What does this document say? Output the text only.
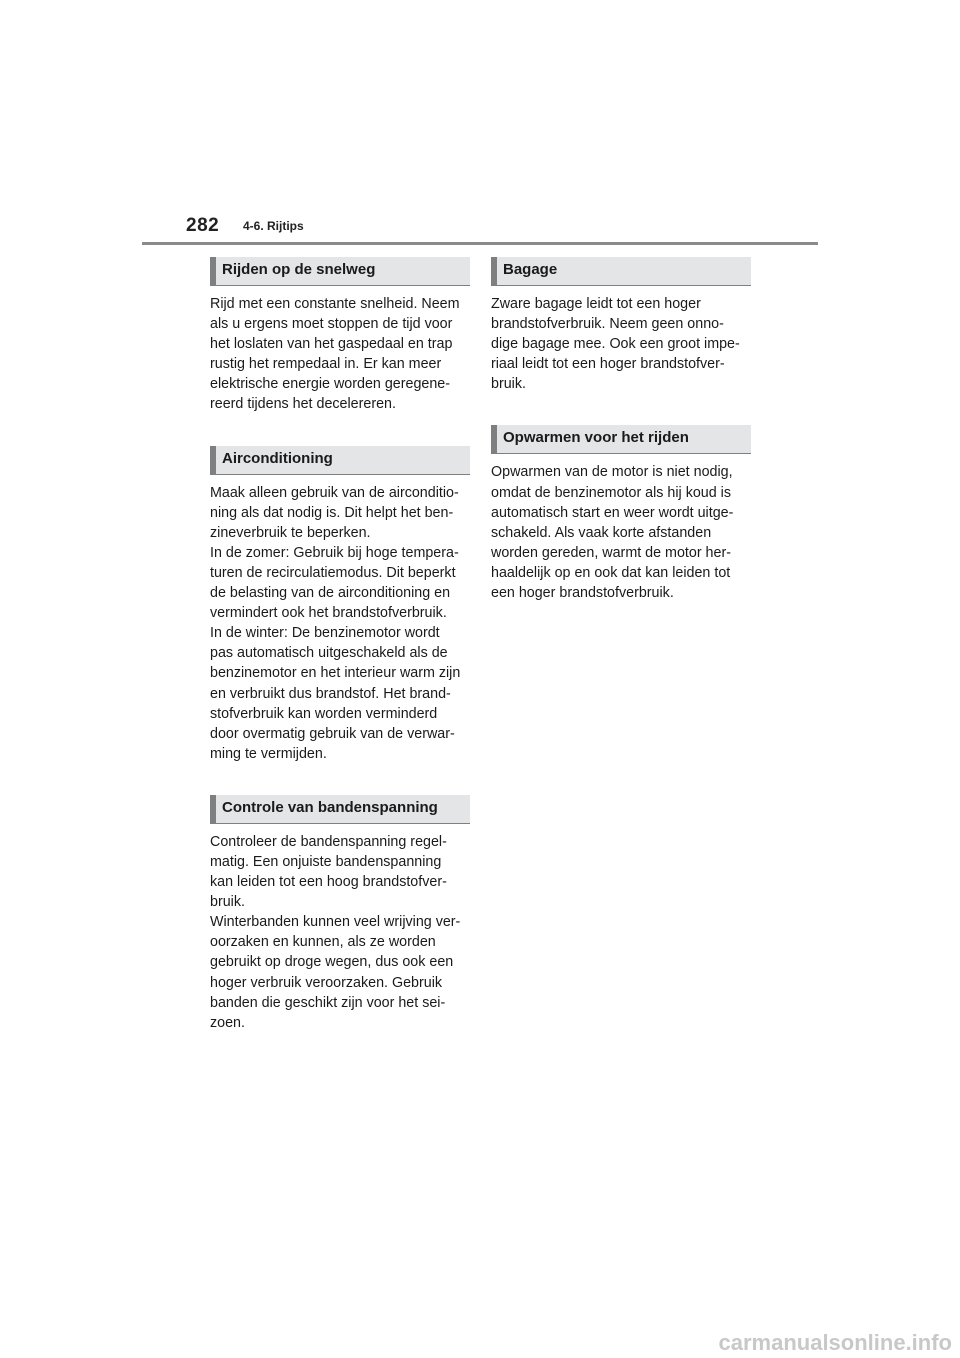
282 4-6. Rijtips
Rijden op de snelweg

Rijd met een constante snelheid. Neem

als u ergens moet stoppen de tijd voor

het loslaten van het gaspedaal en trap

rustig het rempedaal in. Er kan meer

elektrische energie worden geregene-

reerd tijdens het decelereren.

Airconditioning

Maak alleen gebruik van de airconditio-

ning als dat nodig is. Dit helpt het ben-

zineverbruik te beperken.

In de zomer: Gebruik bij hoge tempera-

turen de recirculatiemodus. Dit beperkt

de belasting van de airconditioning en

vermindert ook het brandstofverbruik.

In de winter: De benzinemotor wordt

pas automatisch uitgeschakeld als de

benzinemotor en het interieur warm zijn

en verbruikt dus brandstof. Het brand-

stofverbruik kan worden verminderd

door overmatig gebruik van de verwar-

ming te vermijden.

Controle van bandenspanning

Controleer de bandenspanning regel-

matig. Een onjuiste bandenspanning

kan leiden tot een hoog brandstofver-

bruik.

Winterbanden kunnen veel wrijving ver-

oorzaken en kunnen, als ze worden

gebruikt op droge wegen, dus ook een

hoger verbruik veroorzaken. Gebruik

banden die geschikt zijn voor het sei-

zoen.

Bagage

Zware bagage leidt tot een hoger

brandstofverbruik. Neem geen onno-

dige bagage mee. Ook een groot impe-

riaal leidt tot een hoger brandstofver-

bruik.

Opwarmen voor het rijden

Opwarmen van de motor is niet nodig,

omdat de benzinemotor als hij koud is

automatisch start en weer wordt uitge-

schakeld. Als vaak korte afstanden

worden gereden, warmt de motor her-

haaldelijk op en ook dat kan leiden tot

een hoger brandstofverbruik.

carmanualsonline.info
